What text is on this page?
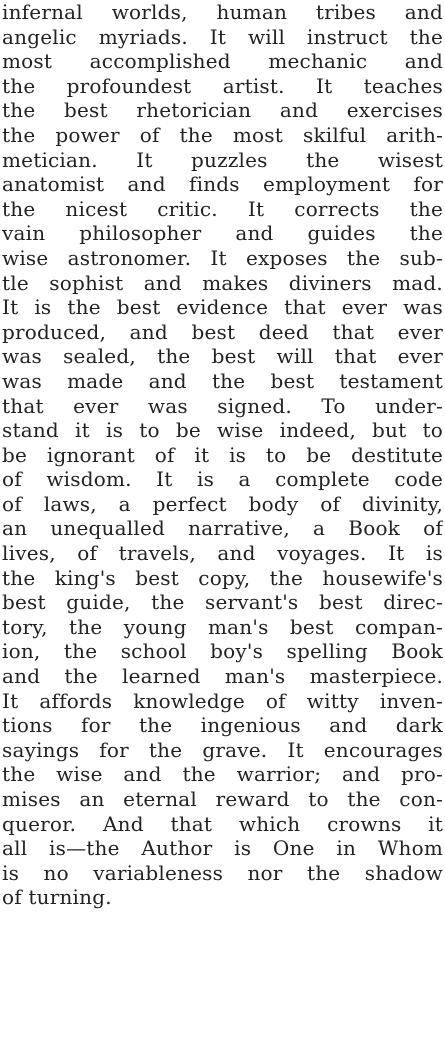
infernal worlds, human tribes and
angelic myriads. It will instruct the
most accomplished mechanic and
the profoundest artist. It teaches
the best rhetorician and exercises
the power of the most skilful arith-
metician. It puzzles the wisest
anatomist and finds employment for
the nicest critic. It corrects the
vain philosopher and guides the
wise astronomer. It exposes the sub-
tle sophist and makes diviners mad.
It is the best evidence that ever was
produced, and best deed that ever
was sealed, the best will that ever
was made and the best testament
that ever was signed. To under-
stand it is to be wise indeed, but to
be ignorant of it is to be destitute
of wisdom. It is a complete code
of laws, a perfect body of divinity,
an unequalled narrative, a Book of
lives, of travels, and voyages. It is
the king's best copy, the housewife's
best guide, the servant's best direc-
tory, the young man's best compan-
ion, the school boy's spelling Book
and the learned man's masterpiece.
It affords knowledge of witty inven-
tions for the ingenious and dark
sayings for the grave. It encourages
the wise and the warrior; and pro-
mises an eternal reward to the con-
queror. And that which crowns it
all is—the Author is One in Whom
is no variableness nor the shadow
of turning.
